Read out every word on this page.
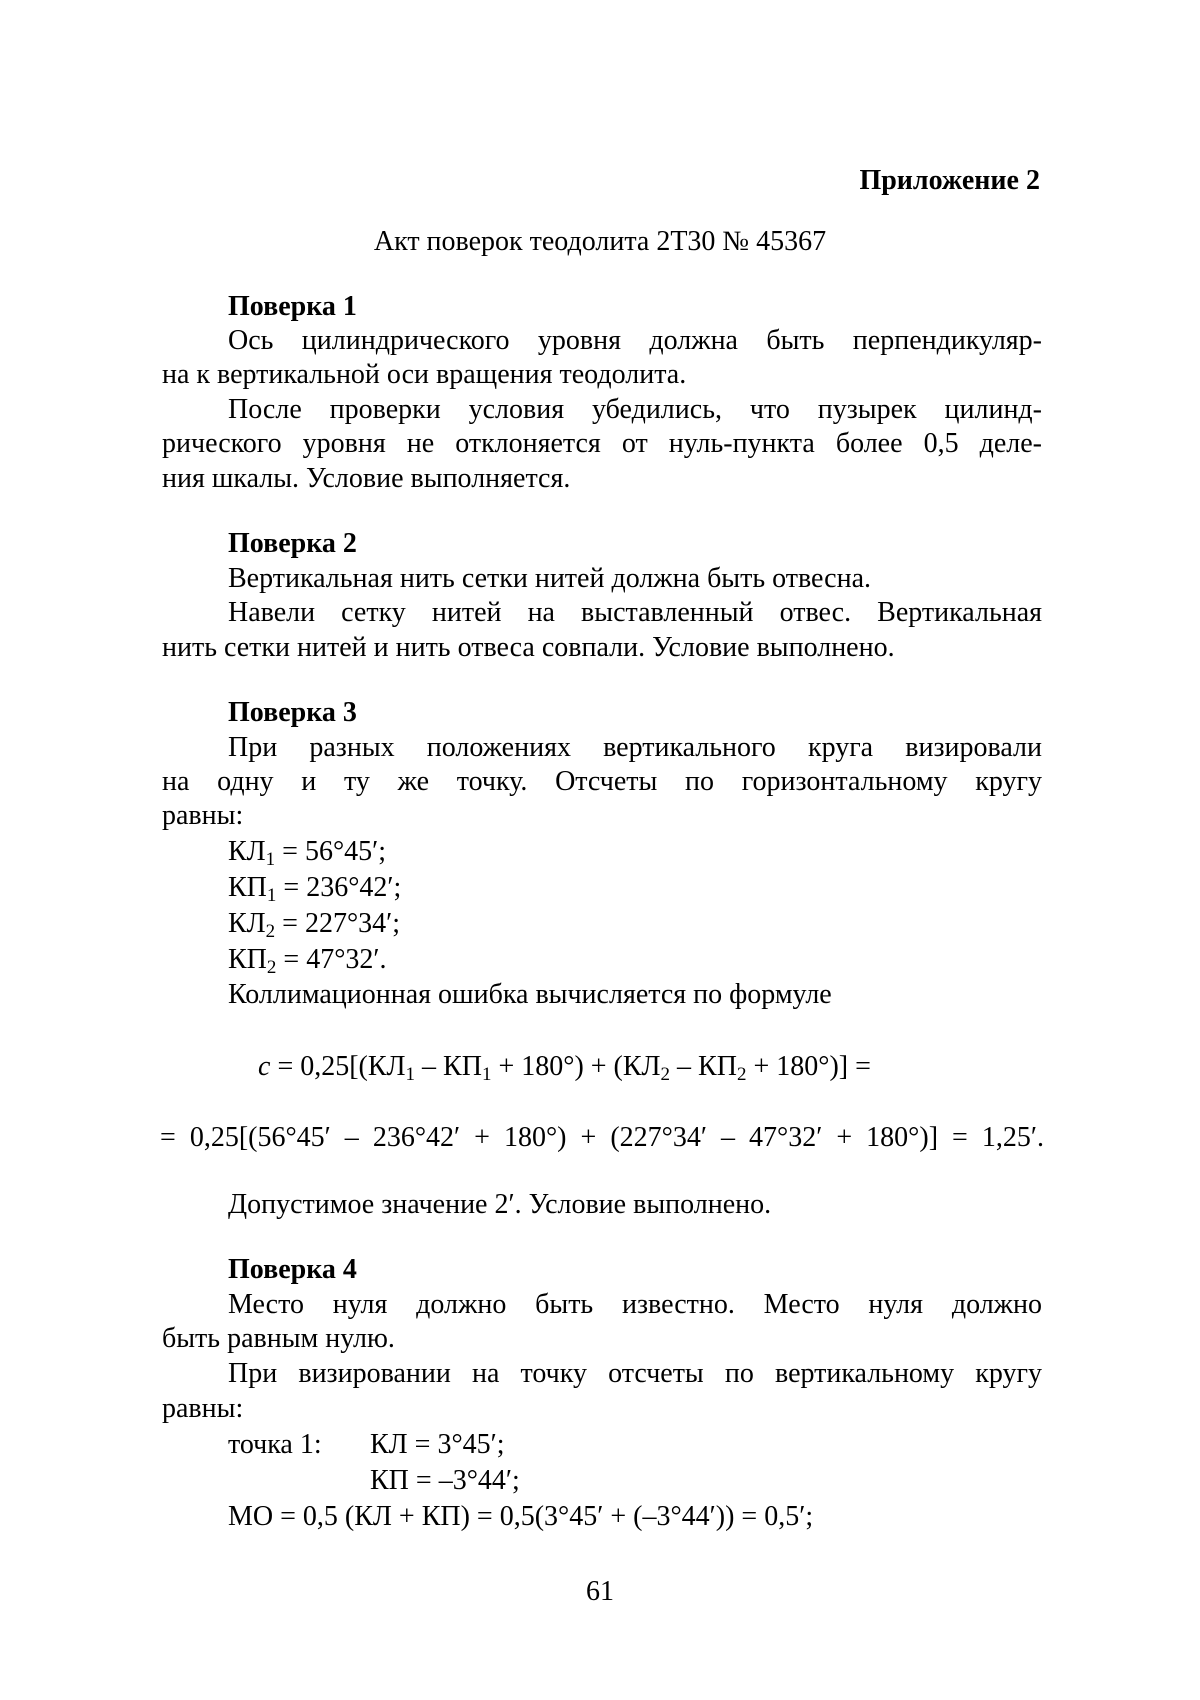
Приложение 2
Акт поверок теодолита 2Т30 № 45367
Поверка 1
Ось цилиндрического уровня должна быть перпендикуляр-
на к вертикальной оси вращения теодолита.
После проверки условия убедились, что пузырек цилинд-
рического уровня не отклоняется от нуль-пункта более 0,5 деле-
ния шкалы. Условие выполняется.
Поверка 2
Вертикальная нить сетки нитей должна быть отвесна.
Навели сетку нитей на выставленный отвес. Вертикальная
нить сетки нитей и нить отвеса совпали. Условие выполнено.
Поверка 3
При разных положениях вертикального круга визировали
на одну и ту же точку. Отсчеты по горизонтальному кругу
равны:
КЛ1 = 56°45′;
КП1 = 236°42′;
КЛ2 = 227°34′;
КП2 = 47°32′.
Коллимационная ошибка вычисляется по формуле
c = 0,25[(КЛ1 – КП1 + 180°) + (КЛ2 – КП2 + 180°)] =
= 0,25[(56°45′ – 236°42′ + 180°) + (227°34′ – 47°32′ + 180°)] = 1,25′.
Допустимое значение 2′. Условие выполнено.
Поверка 4
Место нуля должно быть известно. Место нуля должно
быть равным нулю.
При визировании на точку отсчеты по вертикальному кругу
равны:
точка 1: КЛ = 3°45′;
КП = –3°44′;
МО = 0,5 (КЛ + КП) = 0,5(3°45′ + (–3°44′)) = 0,5′;
61
